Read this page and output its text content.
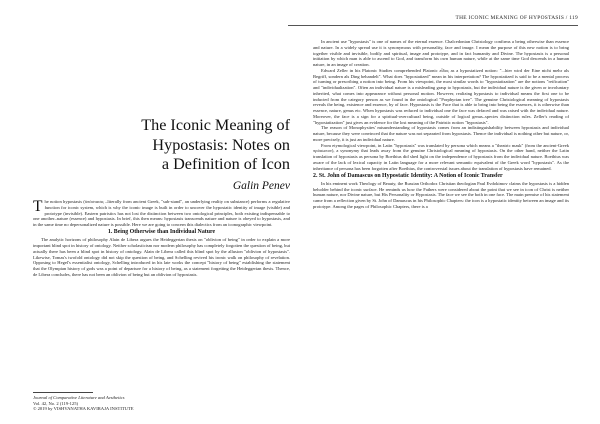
THE ICONIC MEANING OF HYPOSTASIS / 119
The Iconic Meaning of
Hypostasis: Notes on
a Definition of Icon
Galin Penev

The notion hypostasis (ὑπόστασις –literally from ancient Greek, "sub-stand", an underlying reality on substance) performs a regulative function for iconic system, which is why the iconic image is built in order to uncover the hypostatic identity of image (visible) and prototype (invisible). Eastern patristics has not lost the distinction between two ontological principles, both existing indispensable to one another–nature (essence) and hypostasis. In brief, this then means: hypostasis transcends nature and nature is obeyed to hypostasis, and in the same time no depersonalized nature is possible. Here we are going to concern this dialectics from an iconographic viewpoint.

1. Being Otherwise than Individual Nature

The analytic horizons of philosophy Alain de Libera argues the Heideggerian thesis on "oblivion of being" in order to explain a more important blind spot in history of ontology. Neither scholasticism nor modern philosophy has completely forgotten the question of being, but actually there has been a blind spot in history of ontology. Alain de Libera called this blind spot by the allusion "oblivion of hypostasis". Likewise, Tomas's twofold ontology did not skip the question of being, and Schelling revived his ironic walk on philosophy of revelation. Opposing to Hegel's essentialist ontology, Schelling introduced in his late works the concept "history of being" establishing the statement that the Olympian history of gods was a point of departure for a history of being, as a statement forgetting the Heideggerian thesis. Thence, de Libera concludes, there has not been an oblivion of being but an oblivion of hypostasis.

In ancient use "hypostasis" is one of names of the eternal essence. Chalcedonian Christology confirms a being otherwise than essence and nature. In a widely spread use it is synonymous with personality, face and image. I mean the purpose of this new notion is to bring together visible and invisible, bodily and spiritual, image and prototype, and in fact humanity and Divine. The hypostasis is a personal initiation by which man is able to ascend to God, and transform his own human nature, while at the same time God descends in a human nature, in an image of creation.

Edward Zeller in his Platonic Studies comprehended Platonic εἶδος as a hypostatized notion: "...hier wird der Eine nicht mehr als Begriff, sondern als Ding behandelt". What does "hypostatized" mean in his interpretation? The hypostatized is said to be a mental process of turning or prescribing a notion into being. From his viewpoint, the most similar words to "hypostatization" are the notions "reification" and "individualization". Often an individual nature is a misleading grasp to hypostasis, but the individual nature is the given or involuntary inherited, what comes into appearance without personal motion. However, realizing hypostasis to individual means the first one to be inducted from the category person as we found in the ontological "Porphyrian tree". The genuine Christological meaning of hypostasis reveals the being, existence and essence, by of face. Hypostasis is the Face that is able to bring into being the essences, it is otherwise than essence, nature, genus etc. When hypostasis was reduced to individual one the face was defaced and was raised with the individual nature. Moreover, the face is a sign for a spiritual-overcultural being, outside of logical genus–species distinction rules. Zeller's reading of "hypostatization" just gives an evidence for the lost meaning of the Patristic notion "hypostasis".

The reason of Monophysites' misunderstanding of hypostasis comes from an indistinguishability between hypostasis and individual nature, because they were convinced that the nature was not separated from hypostasis. Thence the individual is nothing other but nature, or, more precisely, it is just an individual nature.

From etymological viewpoint, in Latin "hypostasis" was translated by persona which means a "theatric mask" (from the ancient-Greek πρόσωπον), a synonymy that leads away from the genuine Christological meaning of hypostasis. On the other hand, neither the Latin translation of hypostasis as persona by Boethius did shed light on the independence of hypostasis from the individual nature. Boethius was aware of the lack of lexical capacity in Latin language for a more relevant semantic equivalent of the Greek word "hypostasis". As the inheritance of persona has been forgotten after Boethius, the controversial issues about the translation of hypostasis have remained.

2. St. John of Damascus on Hypostatic Identity: A Notion of Iconic Transfer

In his eminent work Theology of Beauty, the Russian Orthodox Christian theologian Paul Evdokimov claims the hypostasis is a hidden beholder behind the iconic surface. He reminds us how the Fathers were considered about the point that we see in icon of Christ is neither human nature, nor Divine nature, but His Personality or Hypostasis. The face we see the both in one face. The main premise of his statement came from a reflection given by St. John of Damascus in his Philosophic Chapters: the icon is a hypostatic identity between an image and its prototype. Among the pages of Philosophic Chapters, there is a

Journal of Comparative Literature and Aesthetics
Vol. 42, No. 2 (119-125)
© 2019 by VISHVANATHA KAVIRAJA INSTITUTE
